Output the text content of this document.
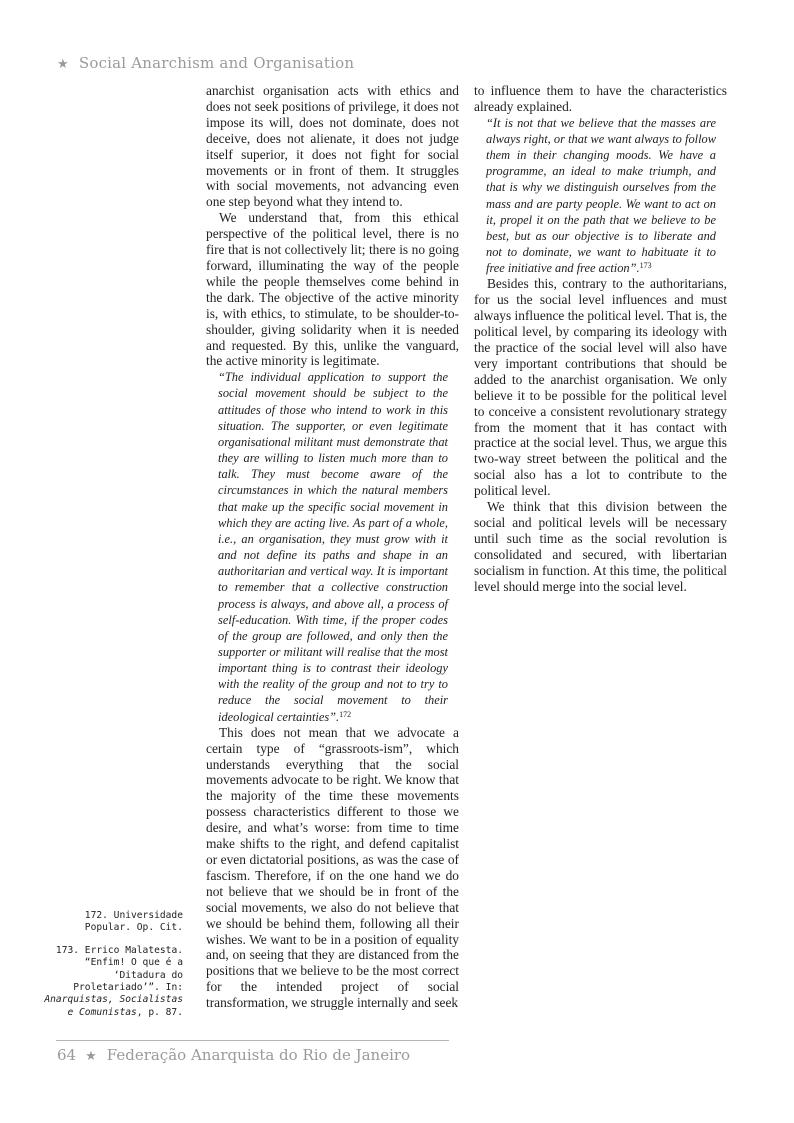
★ Social Anarchism and Organisation

anarchist organisation acts with ethics and does not seek positions of privilege, it does not impose its will, does not dominate, does not deceive, does not alienate, it does not judge itself superior, it does not fight for social movements or in front of them. It struggles with social movements, not advancing even one step beyond what they intend to.

We understand that, from this ethical perspective of the political level, there is no fire that is not collectively lit; there is no going forward, illuminating the way of the people while the people themselves come behind in the dark. The objective of the active minority is, with ethics, to stimulate, to be shoulder-to-shoulder, giving solidarity when it is needed and requested. By this, unlike the vanguard, the active minority is legitimate.

“The individual application to support the social movement should be subject to the attitudes of those who intend to work in this situation. The supporter, or even legitimate organisational militant must demonstrate that they are willing to listen much more than to talk. They must become aware of the circumstances in which the natural members that make up the specific social movement in which they are acting live. As part of a whole, i.e., an organisation, they must grow with it and not define its paths and shape in an authoritarian and vertical way. It is important to remember that a collective construction process is always, and above all, a process of self-education. With time, if the proper codes of the group are followed, and only then the supporter or militant will realise that the most important thing is to contrast their ideology with the reality of the group and not to try to reduce the social movement to their ideological certainties”.$^{172}$

This does not mean that we advocate a certain type of “grassroots-ism”, which understands everything that the social movements advocate to be right. We know that the majority of the time these movements possess characteristics different to those we desire, and what’s worse: from time to time make shifts to the right, and defend capitalist or even dictatorial positions, as was the case of fascism. Therefore, if on the one hand we do not believe that we should be in front of the social movements, we also do not believe that we should be behind them, following all their wishes. We want to be in a position of equality and, on seeing that they are distanced from the positions that we believe to be the most correct for the intended project of social transformation, we struggle internally and seek

to influence them to have the characteristics already explained.

“It is not that we believe that the masses are always right, or that we want always to follow them in their changing moods. We have a programme, an ideal to make triumph, and that is why we distinguish ourselves from the mass and are party people. We want to act on it, propel it on the path that we believe to be best, but as our objective is to liberate and not to dominate, we want to habituate it to free initiative and free action”.$^{173}$

Besides this, contrary to the authoritarians, for us the social level influences and must always influence the political level. That is, the political level, by comparing its ideology with the practice of the social level will also have very important contributions that should be added to the anarchist organisation. We only believe it to be possible for the political level to conceive a consistent revolutionary strategy from the moment that it has contact with practice at the social level. Thus, we argue this two-way street between the political and the social also has a lot to contribute to the political level.

We think that this division between the social and political levels will be necessary until such time as the social revolution is consolidated and secured, with libertarian socialism in function. At this time, the political level should merge into the social level.

172. Universidade Popular. Op. Cit.

173. Errico Malatesta. “Enfim! O que é a ‘Ditadura do Proletariado’”. In: Anarquistas, Socialistas e Comunistas, p. 87.

64 ★ Federação Anarquista do Rio de Janeiro
